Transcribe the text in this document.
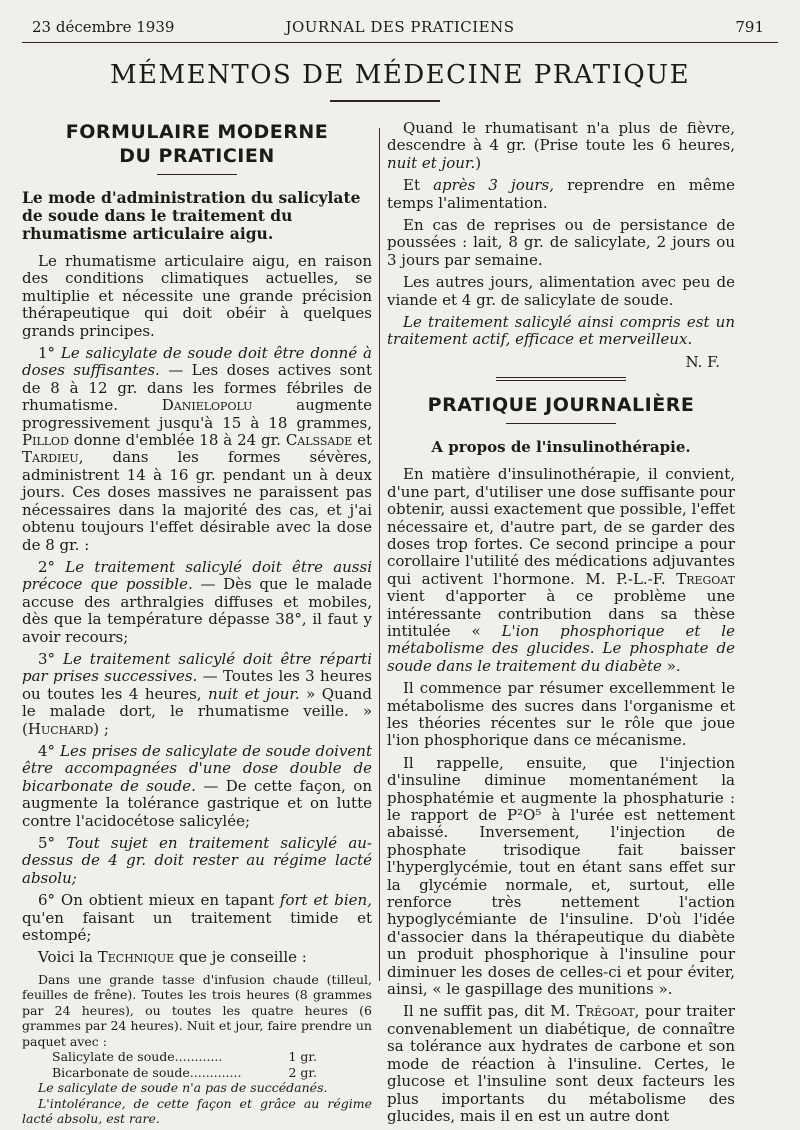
23 décembre 1939	JOURNAL DES PRATICIENS	791
MÉMENTOS DE MÉDECINE PRATIQUE
FORMULAIRE MODERNE
DU PRATICIEN
Le mode d'administration du salicylate de soude dans le traitement du rhumatisme articulaire aigu.

Le rhumatisme articulaire aigu, en raison des conditions climatiques actuelles, se multiplie et nécessite une grande précision thérapeutique qui doit obéir à quelques grands principes.

1° Le salicylate de soude doit être donné à doses suffisantes. — Les doses actives sont de 8 à 12 gr. dans les formes fébriles de rhumatisme. Danielopolu augmente progressivement jusqu'à 15 à 18 grammes, Pillod donne d'emblée 18 à 24 gr. Calssade et Tardieu, dans les formes sévères, administrent 14 à 16 gr. pendant un à deux jours. Ces doses massives ne paraissent pas nécessaires dans la majorité des cas, et j'ai obtenu toujours l'effet désirable avec la dose de 8 gr. :

2° Le traitement salicylé doit être aussi précoce que possible. — Dès que le malade accuse des arthralgies diffuses et mobiles, dès que la température dépasse 38°, il faut y avoir recours;

3° Le traitement salicylé doit être réparti par prises successives. — Toutes les 3 heures ou toutes les 4 heures, nuit et jour. » Quand le malade dort, le rhumatisme veille. » (Huchard) ;

4° Les prises de salicylate de soude doivent être accompagnées d'une dose double de bicarbonate de soude. — De cette façon, on augmente la tolérance gastrique et on lutte contre l'acidocétose salicylée;

5° Tout sujet en traitement salicylé au-dessus de 4 gr. doit rester au régime lacté absolu;

6° On obtient mieux en tapant fort et bien, qu'en faisant un traitement timide et estompé;

Voici la Technique que je conseille :

Dans une grande tasse d'infusion chaude (tilleul, feuilles de frêne). Toutes les trois heures (8 grammes par 24 heures), ou toutes les quatre heures (6 grammes par 24 heures). Nuit et jour, faire prendre un paquet avec :

Salicylate de soude............	1 gr.
Bicarbonate de soude.............	2 gr.

Le salicylate de soude n'a pas de succédanés.

L'intolérance, de cette façon et grâce au régime lacté absolu, est rare.

Quand le rhumatisant n'a plus de fièvre, descendre à 4 gr. (Prise toute les 6 heures, nuit et jour.)

Et après 3 jours, reprendre en même temps l'alimentation.

En cas de reprises ou de persistance de poussées : lait, 8 gr. de salicylate, 2 jours ou 3 jours par semaine.

Les autres jours, alimentation avec peu de viande et 4 gr. de salicylate de soude.

Le traitement salicylé ainsi compris est un traitement actif, efficace et merveilleux.

N. F.
PRATIQUE JOURNALIÈRE
A propos de l'insulinothérapie.

En matière d'insulinothérapie, il convient, d'une part, d'utiliser une dose suffisante pour obtenir, aussi exactement que possible, l'effet nécessaire et, d'autre part, de se garder des doses trop fortes. Ce second principe a pour corollaire l'utilité des médications adjuvantes qui activent l'hormone. M. P.-L.-F. Tregoat vient d'apporter à ce problème une intéressante contribution dans sa thèse intitulée « L'ion phosphorique et le métabolisme des glucides. Le phosphate de soude dans le traitement du diabète ».

Il commence par résumer excellemment le métabolisme des sucres dans l'organisme et les théories récentes sur le rôle que joue l'ion phosphorique dans ce mécanisme.

Il rappelle, ensuite, que l'injection d'insuline diminue momentanément la phosphatémie et augmente la phosphaturie : le rapport de P²O⁵ à l'urée est nettement abaissé. Inversement, l'injection de phosphate trisodique fait baisser l'hyperglycémie, tout en étant sans effet sur la glycémie normale, et, surtout, elle renforce très nettement l'action hypoglycémiante de l'insuline. D'où l'idée d'associer dans la thérapeutique du diabète un produit phosphorique à l'insuline pour diminuer les doses de celles-ci et pour éviter, ainsi, « le gaspillage des munitions ».

Il ne suffit pas, dit M. Trégoat, pour traiter convenablement un diabétique, de connaître sa tolérance aux hydrates de carbone et son mode de réaction à l'insuline. Certes, le glucose et l'insuline sont deux facteurs les plus importants du métabolisme des glucides, mais il en est un autre dont
